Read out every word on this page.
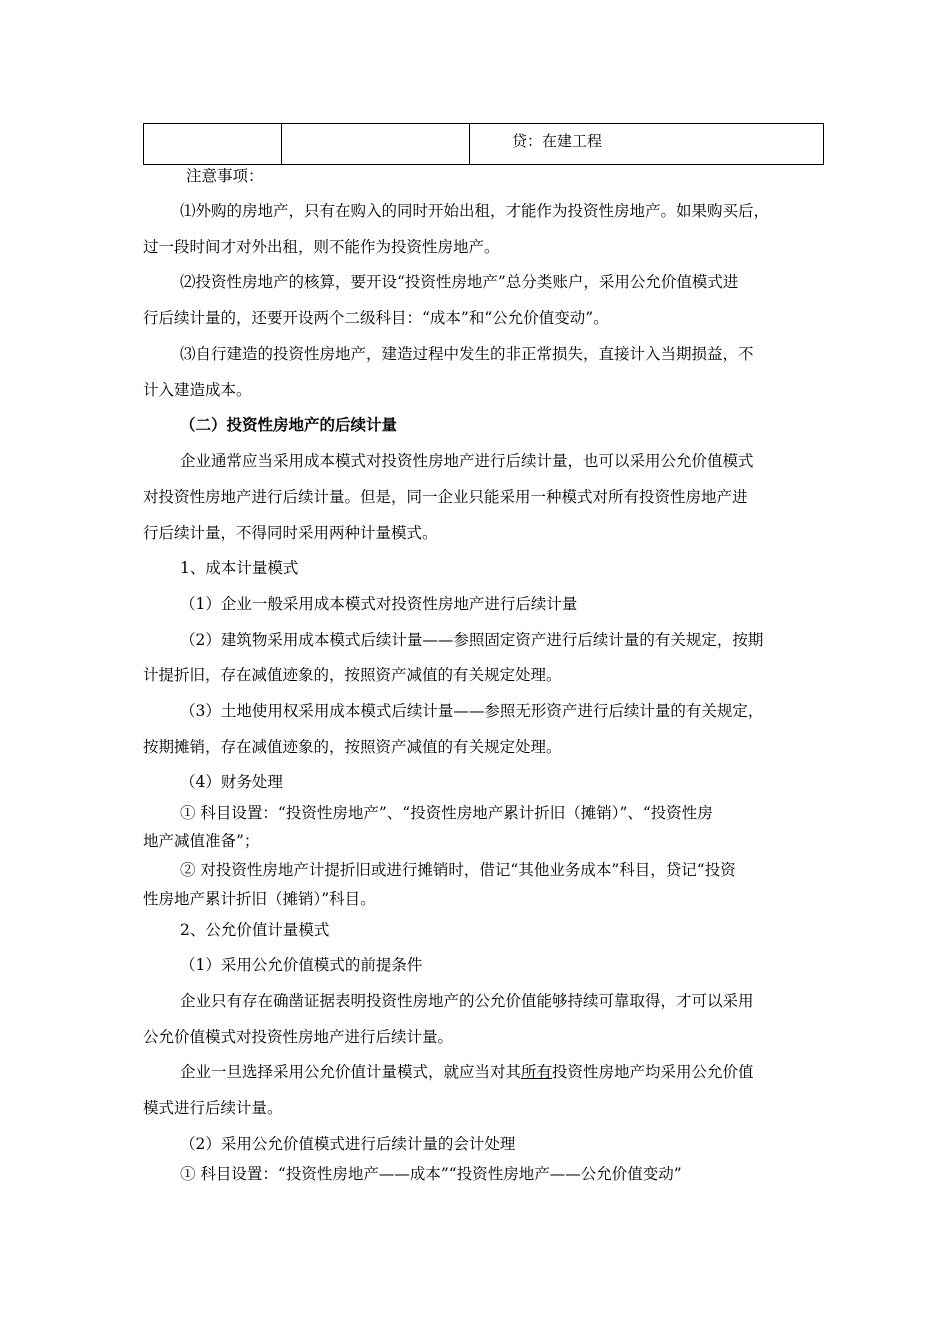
		贷：在建工程
注意事项：
⑴外购的房地产，只有在购入的同时开始出租，才能作为投资性房地产。如果购买后，
过一段时间才对外出租，则不能作为投资性房地产。
⑵投资性房地产的核算，要开设“投资性房地产”总分类账户，采用公允价值模式进
行后续计量的，还要开设两个二级科目：“成本”和“公允价值变动”。
⑶自行建造的投资性房地产，建造过程中发生的非正常损失，直接计入当期损益，不
计入建造成本。
（二）投资性房地产的后续计量
企业通常应当采用成本模式对投资性房地产进行后续计量，也可以采用公允价值模式
对投资性房地产进行后续计量。但是，同一企业只能采用一种模式对所有投资性房地产进
行后续计量，不得同时采用两种计量模式。
1、成本计量模式
（1）企业一般采用成本模式对投资性房地产进行后续计量
（2）建筑物采用成本模式后续计量——参照固定资产进行后续计量的有关规定，按期
计提折旧，存在减值迹象的，按照资产减值的有关规定处理。
（3）土地使用权采用成本模式后续计量——参照无形资产进行后续计量的有关规定，
按期摊销，存在减值迹象的，按照资产减值的有关规定处理。
（4）财务处理
① 科目设置：“投资性房地产”、“投资性房地产累计折旧（摊销）”、“投资性房
地产减值准备”；
② 对投资性房地产计提折旧或进行摊销时，借记“其他业务成本”科目，贷记“投资
性房地产累计折旧（摊销）”科目。
2、公允价值计量模式
（1）采用公允价值模式的前提条件
企业只有存在确凿证据表明投资性房地产的公允价值能够持续可靠取得，才可以采用
公允价值模式对投资性房地产进行后续计量。
企业一旦选择采用公允价值计量模式，就应当对其所有投资性房地产均采用公允价值
模式进行后续计量。
（2）采用公允价值模式进行后续计量的会计处理
① 科目设置：“投资性房地产——成本”“投资性房地产——公允价值变动”
